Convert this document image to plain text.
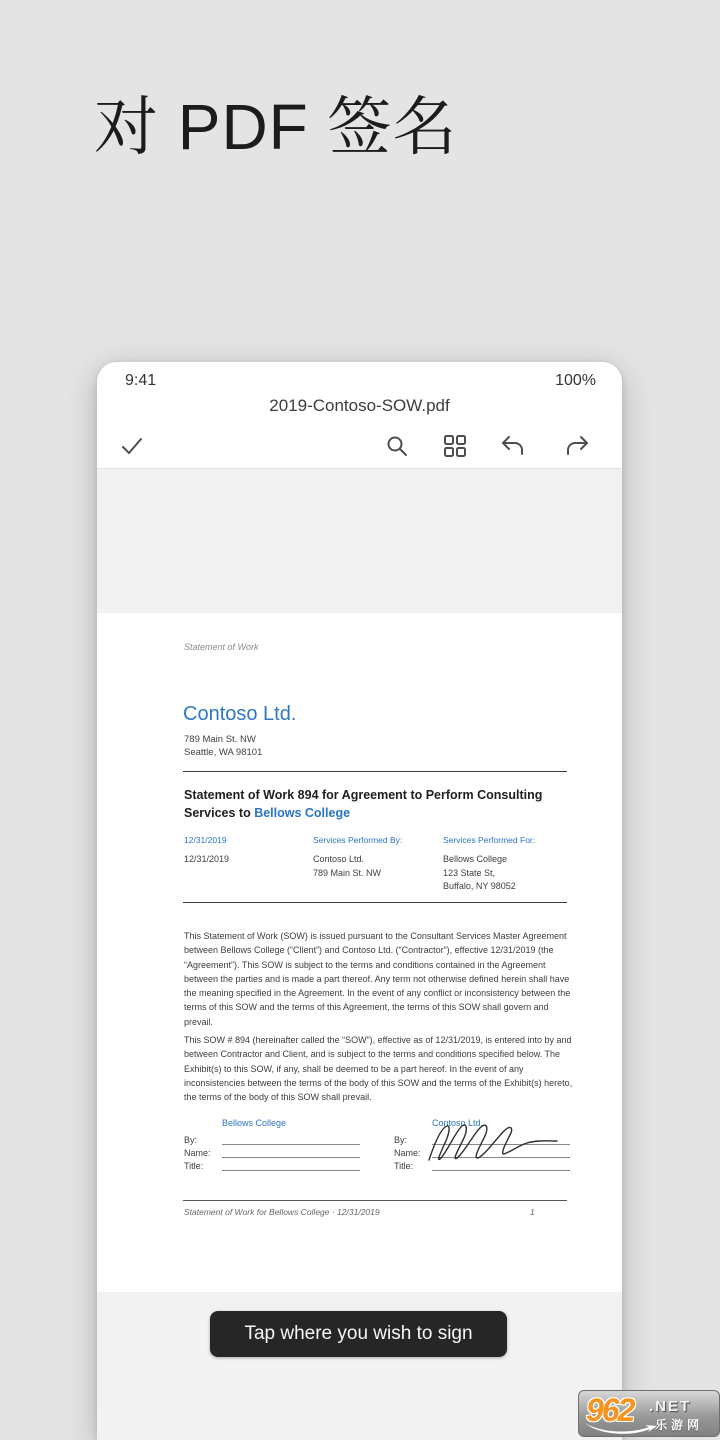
对 PDF 签名
9:41	100%
2019-Contoso-SOW.pdf
Statement of Work
Contoso Ltd.
789 Main St. NW
Seattle, WA 98101
Statement of Work 894 for Agreement to Perform Consulting Services to Bellows College
12/31/2019
12/31/2019
Services Performed By:
Contoso Ltd.
789 Main St. NW
Services Performed For:
Bellows College
123 State St,
Buffalo, NY 98052
This Statement of Work (SOW) is issued pursuant to the Consultant Services Master Agreement between Bellows College (“Client”) and Contoso Ltd. (“Contractor”), effective 12/31/2019 (the “Agreement”). This SOW is subject to the terms and conditions contained in the Agreement between the parties and is made a part thereof. Any term not otherwise defined herein shall have the meaning specified in the Agreement. In the event of any conflict or inconsistency between the terms of this SOW and the terms of this Agreement, the terms of this SOW shall govern and prevail.
This SOW # 894 (hereinafter called the “SOW”), effective as of 12/31/2019, is entered into by and between Contractor and Client, and is subject to the terms and conditions specified below. The Exhibit(s) to this SOW, if any, shall be deemed to be a part hereof. In the event of any inconsistencies between the terms of the body of this SOW and the terms of the Exhibit(s) hereto, the terms of the body of this SOW shall prevail.
Bellows College
By:
Name:
Title:
Contoso Ltd.
By:
Name:
Title:
Statement of Work for Bellows College · 12/31/2019	1
Tap where you wish to sign
962 .NET
乐游网
